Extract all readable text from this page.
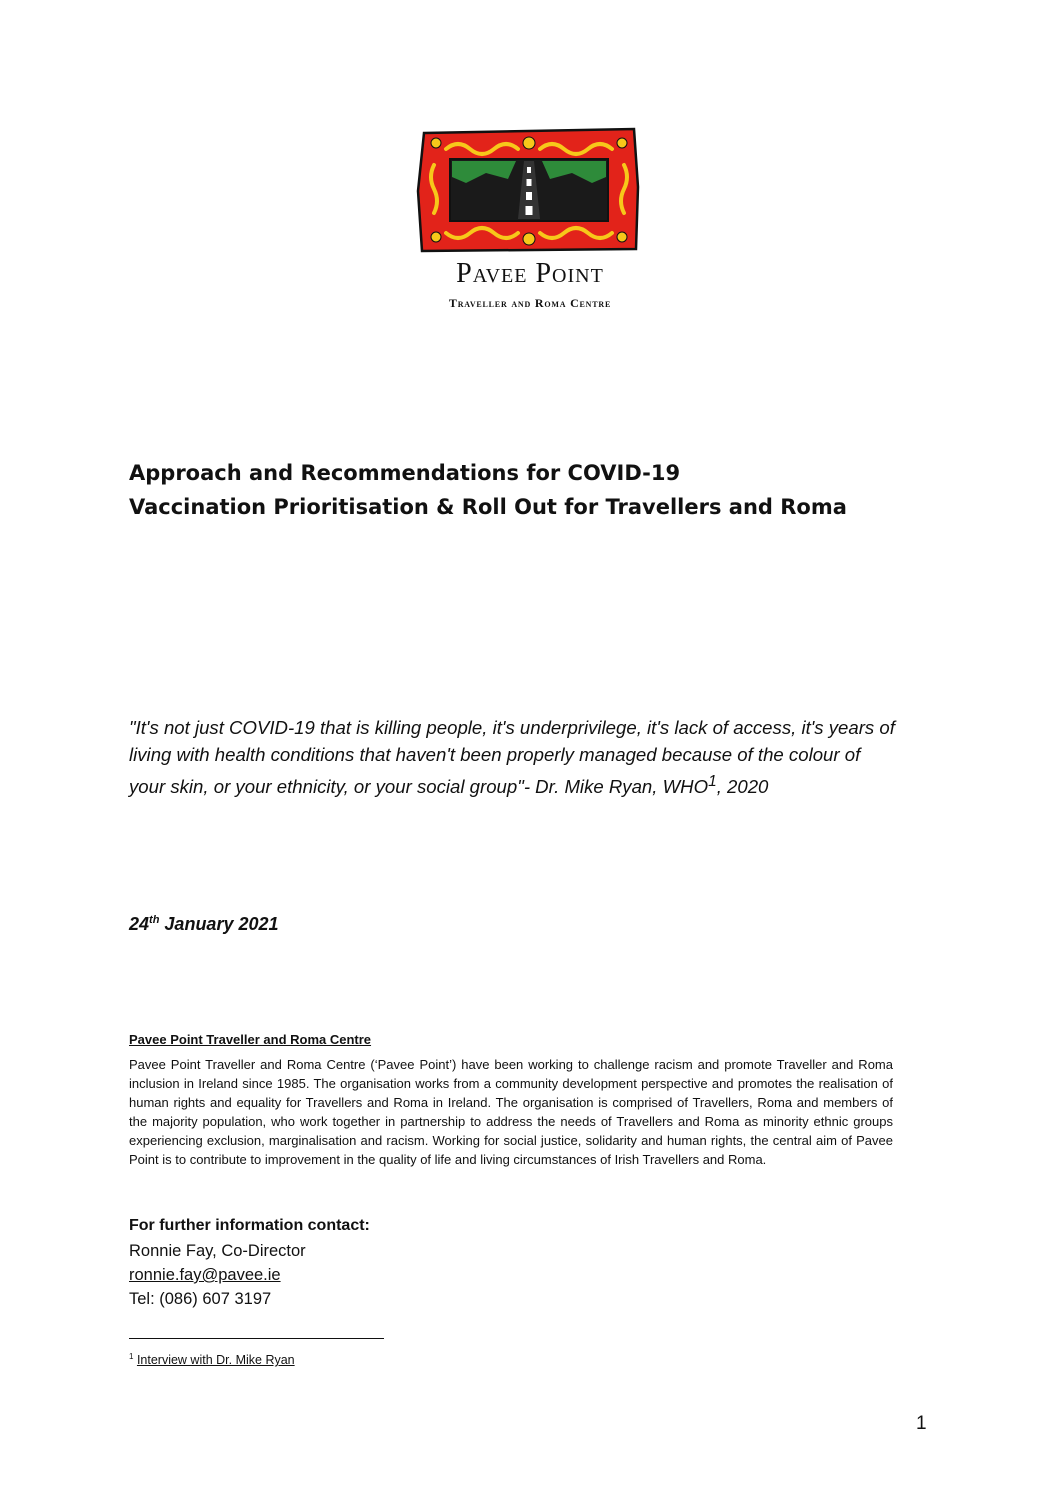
Pavee Point
Traveller and Roma Centre
Approach and Recommendations for COVID-19
Vaccination Prioritisation & Roll Out for Travellers and Roma
"It's not just COVID-19 that is killing people, it's underprivilege, it's lack of access, it's years of living with health conditions that haven't been properly managed because of the colour of your skin, or your ethnicity, or your social group"- Dr. Mike Ryan, WHO$^1$, 2020
24th January 2021
Pavee Point Traveller and Roma Centre
Pavee Point Traveller and Roma Centre (‘Pavee Point’) have been working to challenge racism and promote Traveller and Roma inclusion in Ireland since 1985. The organisation works from a community development perspective and promotes the realisation of human rights and equality for Travellers and Roma in Ireland. The organisation is comprised of Travellers, Roma and members of the majority population, who work together in partnership to address the needs of Travellers and Roma as minority ethnic groups experiencing exclusion, marginalisation and racism. Working for social justice, solidarity and human rights, the central aim of Pavee Point is to contribute to improvement in the quality of life and living circumstances of Irish Travellers and Roma.
For further information contact:
Ronnie Fay, Co-Director
ronnie.fay@pavee.ie
Tel: (086) 607 3197
$^1$ Interview with Dr. Mike Ryan
1
